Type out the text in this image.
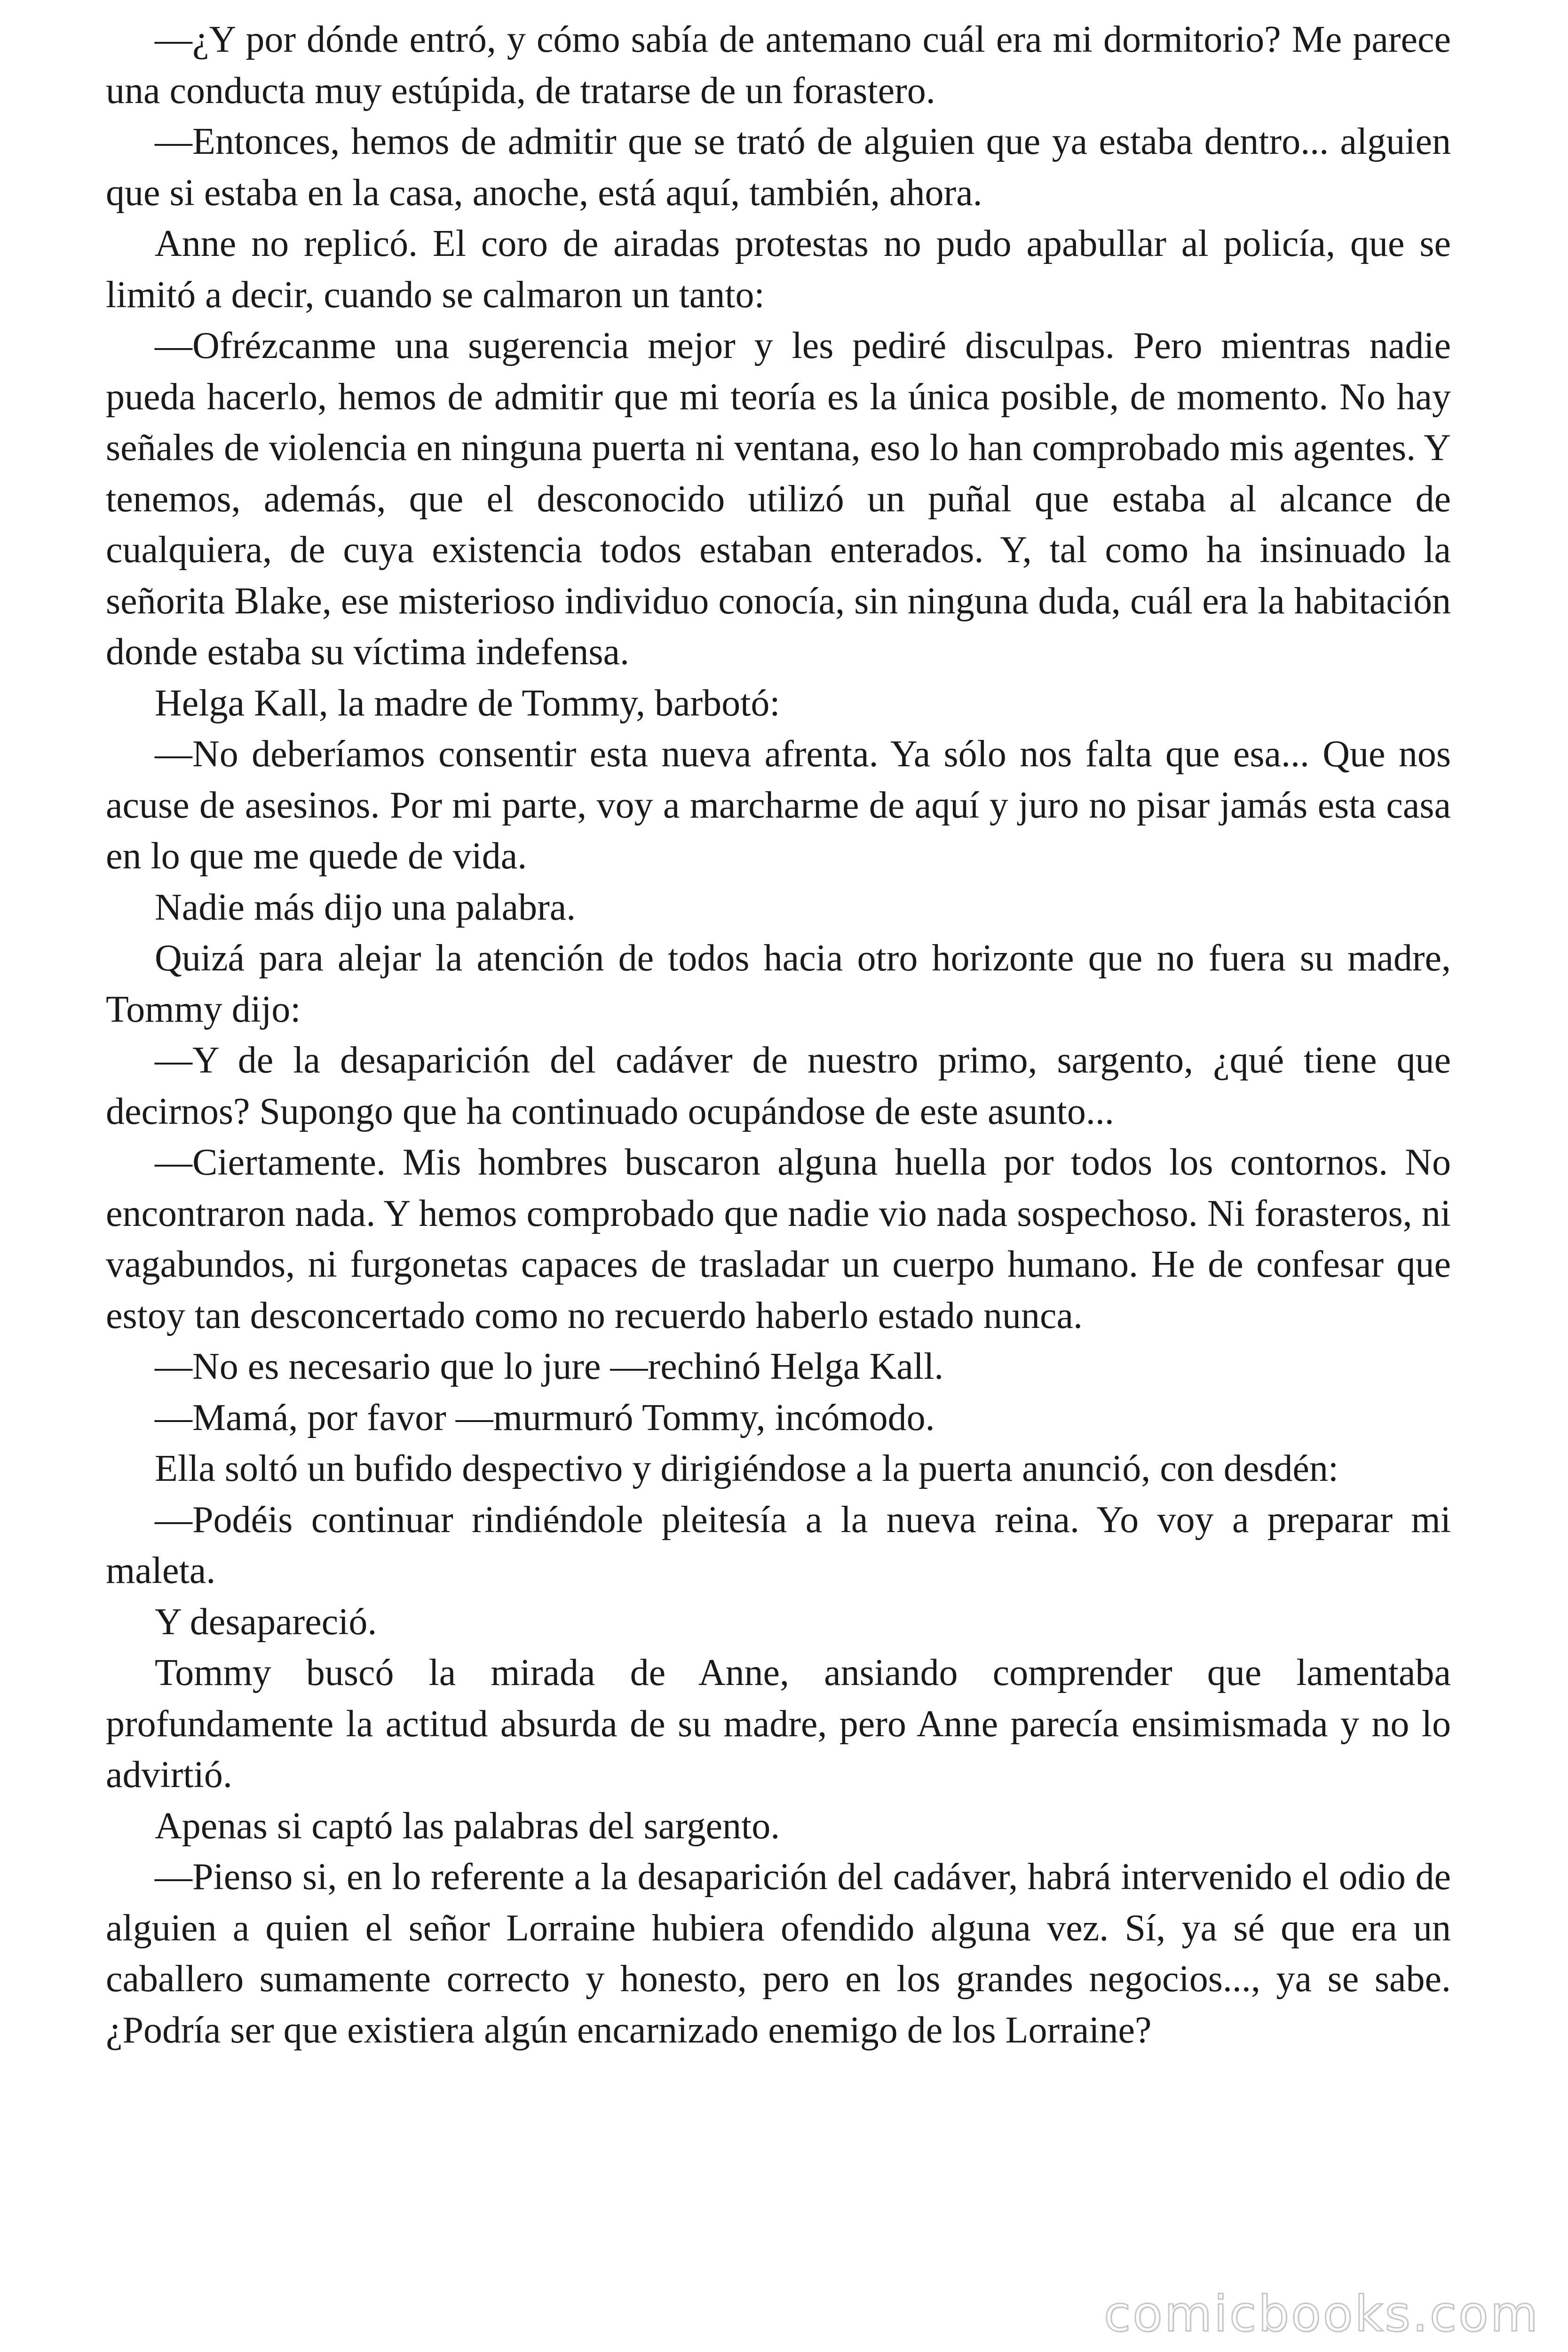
—¿Y por dónde entró, y cómo sabía de antemano cuál era mi dormitorio? Me parece una conducta muy estúpida, de tratarse de un forastero.

—Entonces, hemos de admitir que se trató de alguien que ya estaba dentro... alguien que si estaba en la casa, anoche, está aquí, también, ahora.

Anne no replicó. El coro de airadas protestas no pudo apabullar al policía, que se limitó a decir, cuando se calmaron un tanto:

—Ofrézcanme una sugerencia mejor y les pediré disculpas. Pero mientras nadie pueda hacerlo, hemos de admitir que mi teoría es la única posible, de momento. No hay señales de violencia en ninguna puerta ni ventana, eso lo han comprobado mis agentes. Y tenemos, además, que el desconocido utilizó un puñal que estaba al alcance de cualquiera, de cuya existencia todos estaban enterados. Y, tal como ha insinuado la señorita Blake, ese misterioso individuo conocía, sin ninguna duda, cuál era la habitación donde estaba su víctima indefensa.

Helga Kall, la madre de Tommy, barbotó:

—No deberíamos consentir esta nueva afrenta. Ya sólo nos falta que esa... Que nos acuse de asesinos. Por mi parte, voy a marcharme de aquí y juro no pisar jamás esta casa en lo que me quede de vida.

Nadie más dijo una palabra.

Quizá para alejar la atención de todos hacia otro horizonte que no fuera su madre, Tommy dijo:

—Y de la desaparición del cadáver de nuestro primo, sargento, ¿qué tiene que decirnos? Supongo que ha continuado ocupándose de este asunto...

—Ciertamente. Mis hombres buscaron alguna huella por todos los contornos. No encontraron nada. Y hemos comprobado que nadie vio nada sospechoso. Ni forasteros, ni vagabundos, ni furgonetas capaces de trasladar un cuerpo humano. He de confesar que estoy tan desconcertado como no recuerdo haberlo estado nunca.

—No es necesario que lo jure —rechinó Helga Kall.

—Mamá, por favor —murmuró Tommy, incómodo.

Ella soltó un bufido despectivo y dirigiéndose a la puerta anunció, con desdén:

—Podéis continuar rindiéndole pleitesía a la nueva reina. Yo voy a preparar mi maleta.

Y desapareció.

Tommy buscó la mirada de Anne, ansiando comprender que lamentaba profundamente la actitud absurda de su madre, pero Anne parecía ensimismada y no lo advirtió.

Apenas si captó las palabras del sargento.

—Pienso si, en lo referente a la desaparición del cadáver, habrá intervenido el odio de alguien a quien el señor Lorraine hubiera ofendido alguna vez. Sí, ya sé que era un caballero sumamente correcto y honesto, pero en los grandes negocios..., ya se sabe. ¿Podría ser que existiera algún encarnizado enemigo de los Lorraine?

comicbooks.com
